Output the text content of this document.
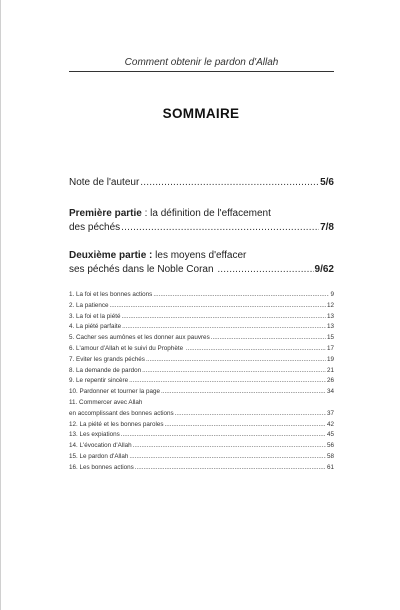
Comment obtenir le pardon d'Allah
SOMMAIRE
Note de l'auteur .....	5/6
Première partie : la définition de l'effacement
des péchés .....	7/8
Deuxième partie : les moyens d'effacer
ses péchés dans le Noble Coran .....	9/62
1. La foi et les bonnes actions .....	9
2. La patience .....	12
3. La foi et la piété .....	13
4. La piété parfaite .....	13
5. Cacher ses aumônes et les donner aux pauvres .....	15
6. L'amour d'Allah et le suivi du Prophète .....	17
7. Eviter les grands péchés .....	19
8. La demande de pardon .....	21
9. Le repentir sincère .....	26
10. Pardonner et tourner la page .....	34
11. Commercer avec Allah
en accomplissant des bonnes actions .....	37
12. La piété et les bonnes paroles .....	42
13. Les expiations .....	45
14. L'évocation d'Allah .....	56
15. Le pardon d'Allah .....	58
16. Les bonnes actions .....	61
